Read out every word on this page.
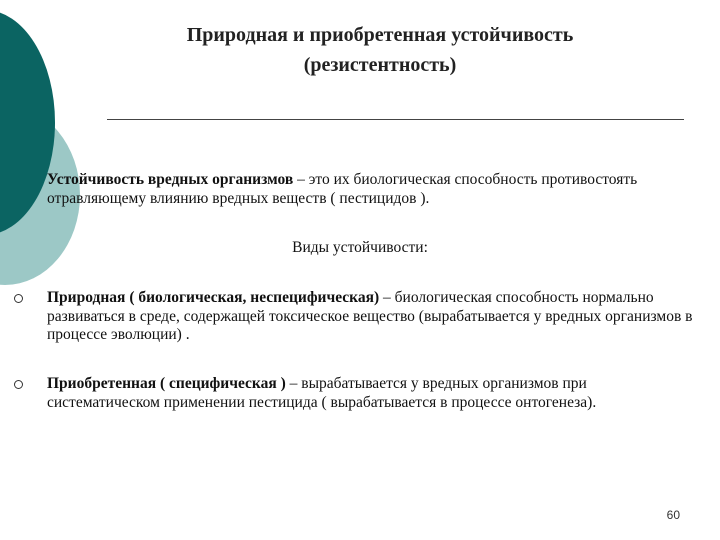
Природная и приобретенная устойчивость
(резистентность)
Устойчивость вредных организмов – это их биологическая способность противостоять отравляющему влиянию вредных веществ ( пестицидов ).
Виды устойчивости:
Природная ( биологическая, неспецифическая) – биологическая способность нормально развиваться в среде, содержащей токсическое вещество (вырабатывается у вредных организмов в процессе эволюции) .
Приобретенная ( специфическая ) – вырабатывается у вредных организмов при систематическом применении пестицида ( вырабатывается в процессе онтогенеза).
60
